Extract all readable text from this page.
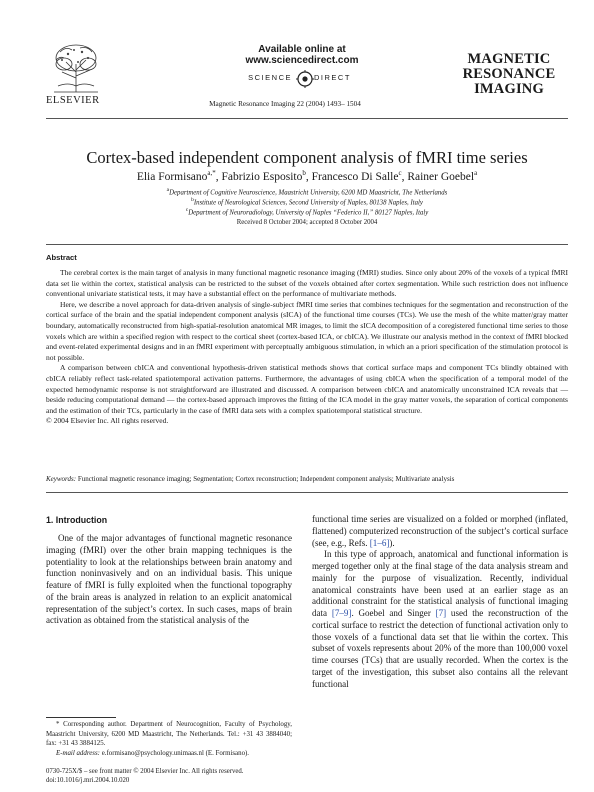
ELSEVIER
Available online at www.sciencedirect.com
SCIENCE	DIRECT
Magnetic Resonance Imaging 22 (2004) 1493– 1504
MAGNETIC
RESONANCE
IMAGING
Cortex-based independent component analysis of fMRI time series
Elia Formisano$^{a,*}$, Fabrizio Esposito$^b$, Francesco Di Salle$^c$, Rainer Goebel$^a$
$^a$Department of Cognitive Neuroscience, Maastricht University, 6200 MD Maastricht, The Netherlands
$^b$Institute of Neurological Sciences, Second University of Naples, 80138 Naples, Italy
$^c$Department of Neuroradiology, University of Naples “Federico II,” 80127 Naples, Italy
Received 8 October 2004; accepted 8 October 2004
Abstract

The cerebral cortex is the main target of analysis in many functional magnetic resonance imaging (fMRI) studies. Since only about 20% of the voxels of a typical fMRI data set lie within the cortex, statistical analysis can be restricted to the subset of the voxels obtained after cortex segmentation. While such restriction does not influence conventional univariate statistical tests, it may have a substantial effect on the performance of multivariate methods.

Here, we describe a novel approach for data-driven analysis of single-subject fMRI time series that combines techniques for the segmentation and reconstruction of the cortical surface of the brain and the spatial independent component analysis (sICA) of the functional time courses (TCs). We use the mesh of the white matter/gray matter boundary, automatically reconstructed from high-spatial-resolution anatomical MR images, to limit the sICA decomposition of a coregistered functional time series to those voxels which are within a specified region with respect to the cortical sheet (cortex-based ICA, or cbICA). We illustrate our analysis method in the context of fMRI blocked and event-related experimental designs and in an fMRI experiment with perceptually ambiguous stimulation, in which an a priori specification of the stimulation protocol is not possible.

A comparison between cbICA and conventional hypothesis-driven statistical methods shows that cortical surface maps and component TCs blindly obtained with cbICA reliably reflect task-related spatiotemporal activation patterns. Furthermore, the advantages of using cbICA when the specification of a temporal model of the expected hemodynamic response is not straightforward are illustrated and discussed. A comparison between cbICA and anatomically unconstrained ICA reveals that — beside reducing computational demand — the cortex-based approach improves the fitting of the ICA model in the gray matter voxels, the separation of cortical components and the estimation of their TCs, particularly in the case of fMRI data sets with a complex spatiotemporal statistical structure.

© 2004 Elsevier Inc. All rights reserved.

Keywords: Functional magnetic resonance imaging; Segmentation; Cortex reconstruction; Independent component analysis; Multivariate analysis
1. Introduction

One of the major advantages of functional magnetic resonance imaging (fMRI) over the other brain mapping techniques is the potentiality to look at the relationships between brain anatomy and function noninvasively and on an individual basis. This unique feature of fMRI is fully exploited when the functional topography of the brain areas is analyzed in relation to an explicit anatomical representation of the subject’s cortex. In such cases, maps of brain activation as obtained from the statistical analysis of the

functional time series are visualized on a folded or morphed (inflated, flattened) computerized reconstruction of the subject’s cortical surface (see, e.g., Refs. [1–6]).

In this type of approach, anatomical and functional information is merged together only at the final stage of the data analysis stream and mainly for the purpose of visualization. Recently, individual anatomical constraints have been used at an earlier stage as an additional constraint for the statistical analysis of functional imaging data [7–9]. Goebel and Singer [7] used the reconstruction of the cortical surface to restrict the detection of functional activation only to those voxels of a functional data set that lie within the cortex. This subset of voxels represents about 20% of the more than 100,000 voxel time courses (TCs) that are usually recorded. When the cortex is the target of the investigation, this subset also contains all the relevant functional

* Corresponding author. Department of Neurocognition, Faculty of Psychology, Maastricht University, 6200 MD Maastricht, The Netherlands. Tel.: +31 43 3884040; fax: +31 43 3884125.

E-mail address: e.formisano@psychology.unimaas.nl (E. Formisano).

0730-725X/$ – see front matter © 2004 Elsevier Inc. All rights reserved.
doi:10.1016/j.mri.2004.10.020
